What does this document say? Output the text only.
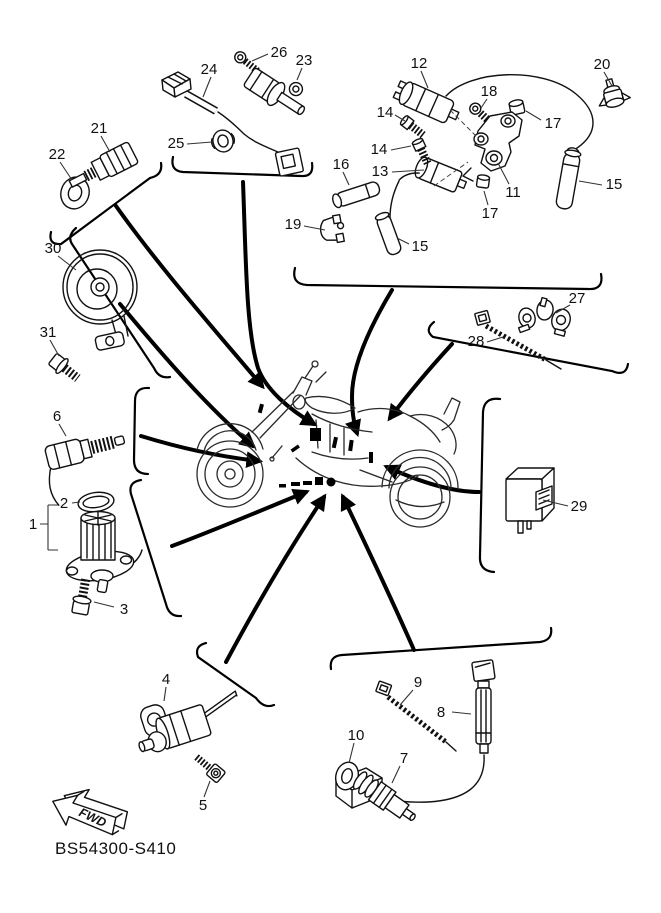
22
21
24
26 23
25
12
14
14
16 13
18
17
17
11
20
15
15
19
30
31
6
2
1
3
4
5
27
28
29
9
8
10
7
FWD
BS54300-S410
